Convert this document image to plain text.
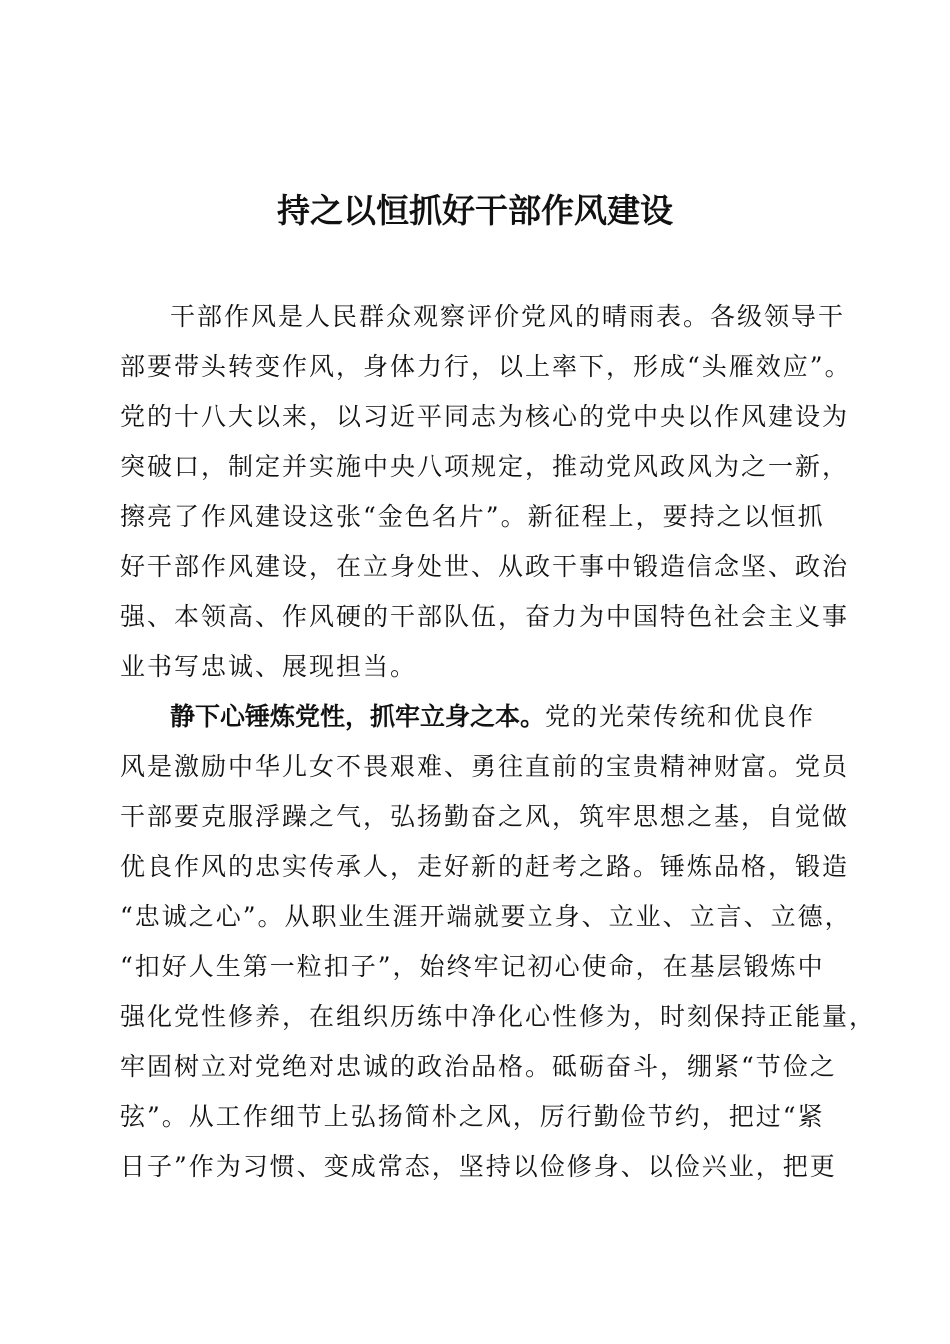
持之以恒抓好干部作风建设

干部作风是人民群众观察评价党风的晴雨表。各级领导干

部要带头转变作风，身体力行，以上率下，形成“头雁效应”。

党的十八大以来，以习近平同志为核心的党中央以作风建设为

突破口，制定并实施中央八项规定，推动党风政风为之一新，

擦亮了作风建设这张“金色名片”。新征程上，要持之以恒抓

好干部作风建设，在立身处世、从政干事中锻造信念坚、政治

强、本领高、作风硬的干部队伍，奋力为中国特色社会主义事

业书写忠诚、展现担当。

静下心锤炼党性，抓牢立身之本。党的光荣传统和优良作

风是激励中华儿女不畏艰难、勇往直前的宝贵精神财富。党员

干部要克服浮躁之气，弘扬勤奋之风，筑牢思想之基，自觉做

优良作风的忠实传承人，走好新的赶考之路。锤炼品格，锻造

“忠诚之心”。从职业生涯开端就要立身、立业、立言、立德，

“扣好人生第一粒扣子”，始终牢记初心使命，在基层锻炼中

强化党性修养，在组织历练中净化心性修为，时刻保持正能量，

牢固树立对党绝对忠诚的政治品格。砥砺奋斗，绷紧“节俭之

弦”。从工作细节上弘扬简朴之风，厉行勤俭节约，把过“紧

日子”作为习惯、变成常态，坚持以俭修身、以俭兴业，把更
